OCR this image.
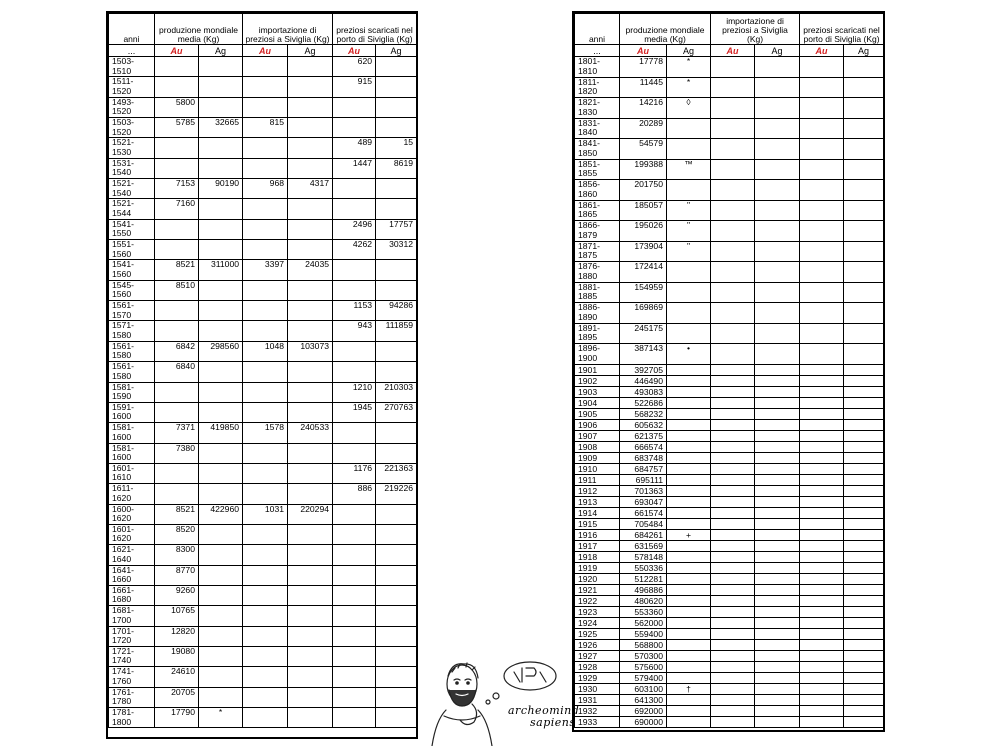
anni	produzione mondiale media (Kg)		importazione di preziosi a Siviglia (Kg)		preziosi scaricati nel porto di Siviglia (Kg)	
...	Au	Ag	Au	Ag	Au	Ag
1503-1510					620	
1511-1520					915	
1493-1520	5800					
1503-1520	5785	32665	815			
1521-1530					489	15
1531-1540					1447	8619
1521-1540	7153	90190	968	4317		
1521-1544	7160					
1541-1550					2496	17757
1551-1560					4262	30312
1541-1560	8521	311000	3397	24035		
1545-1560	8510					
1561-1570					1153	94286
1571-1580					943	111859
1561-1580	6842	298560	1048	103073		
1561-1580	6840					
1581-1590					1210	210303
1591-1600					1945	270763
1581-1600	7371	419850	1578	240533		
1581-1600	7380					
1601-1610					1176	221363
1611-1620					886	219226
1600-1620	8521	422960	1031	220294		
1601-1620	8520					
1621-1640	8300					
1641-1660	8770					
1661-1680	9260					
1681-1700	10765					
1701-1720	12820					
1721-1740	19080					
1741-1760	24610					
1761-1780	20705					
1781-1800	17790	*				
anni	produzione mondiale media (Kg)		importazione di preziosi a Siviglia (Kg)		preziosi scaricati nel porto di Siviglia (Kg)	
...	Au	Ag	Au	Ag	Au	Ag
1801-1810	17778	*				
1811-1820	11445	*				
1821-1830	14216	◊				
1831-1840	20289					
1841-1850	54579					
1851-1855	199388	™				
1856-1860	201750					
1861-1865	185057	"				
1866-1879	195026	"				
1871-1875	173904	"				
1876-1880	172414					
1881-1885	154959					
1886-1890	169869					
1891-1895	245175					
1896-1900	387143	•				
1901	392705					
1902	446490					
1903	493083					
1904	522686					
1905	568232					
1906	605632					
1907	621375					
1908	666574					
1909	683748					
1910	684757					
1911	695111					
1912	701363					
1913	693047					
1914	661574					
1915	705484					
1916	684261	+				
1917	631569					
1918	578148					
1919	550336					
1920	512281					
1921	496886					
1922	480620					
1923	553360					
1924	562000					
1925	559400					
1926	568800					
1927	570300					
1928	575600					
1929	579400					
1930	603100	†				
1931	641300					
1932	692000					
1933	690000					
archeomind
sapiens
